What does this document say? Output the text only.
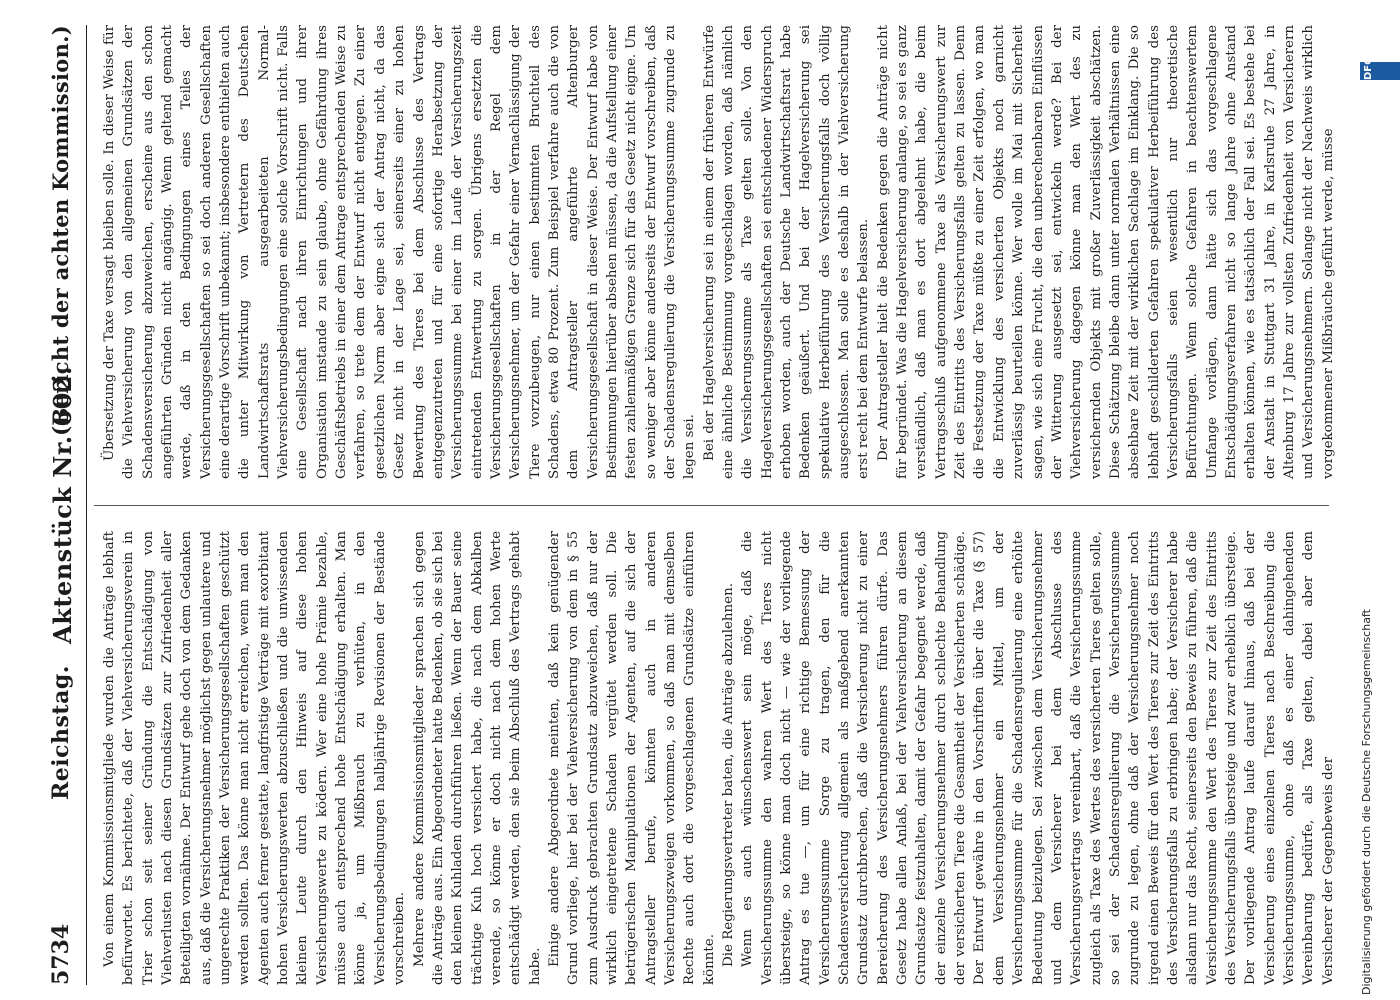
5734
Reichstag.
Aktenstück Nr. 602.
(Bericht der achten Kommission.)

Von einem Kommissionsmitgliede wurden die Anträge lebhaft befürwortet. Es berichtete, daß der Viehversicherungsverein in Trier schon seit seiner Gründung die Entschädigung von Viehverlusten nach diesen Grundsätzen zur Zufriedenheit aller Beteiligten vornähme. Der Entwurf gehe doch von dem Gedanken aus, daß die Versicherungsnehmer möglichst gegen unlautere und ungerechte Praktiken der Versicherungsgesellschaften geschützt werden sollten. Das könne man nicht erreichen, wenn man den Agenten auch ferner gestatte, langfristige Verträge mit exorbitant hohen Versicherungswerten abzuschließen und die unwissenden kleinen Leute durch den Hinweis auf diese hohen Versicherungswerte zu ködern. Wer eine hohe Prämie bezahle, müsse auch entsprechend hohe Entschädigung erhalten. Man könne ja, um Mißbrauch zu verhüten, in den Versicherungsbedingungen halbjährige Revisionen der Bestände vorschreiben. Mehrere andere Kommissionsmitglieder sprachen sich gegen die Anträge aus. Ein Abgeordneter hatte Bedenken, ob sie sich bei den kleinen Kuhladen durchführen ließen. Wenn der Bauer seine trächtige Kuh hoch versichert habe, die nach dem Abkalben verende, so könne er doch nicht nach dem hohen Werte entschädigt werden, den sie beim Abschluß des Vertrags gehabt habe. Einige andere Abgeordnete meinten, daß kein genügender Grund vorliege, hier bei der Viehversicherung von dem in § 55 zum Ausdruck gebrachten Grundsatz abzuweichen, daß nur der wirklich eingetretene Schaden vergütet werden soll. Die betrügerischen Manipulationen der Agenten, auf die sich der Antragsteller berufe, könnten auch in anderen Versicherungszweigen vorkommen, so daß man mit demselben Rechte auch dort die vorgeschlagenen Grundsätze einführen könnte. Die Regierungsvertreter baten, die Anträge abzulehnen. Wenn es auch wünschenswert sein möge, daß die Versicherungssumme den wahren Wert des Tieres nicht übersteige, so könne man doch nicht — wie der vorliegende Antrag es tue —, um für eine richtige Bemessung der Versicherungssumme Sorge zu tragen, den für die Schadensversicherung allgemein als maßgebend anerkannten Grundsatz durchbrechen, daß die Versicherung nicht zu einer Bereicherung des Versicherungsnehmers führen dürfe. Das Gesetz habe allen Anlaß, bei der Viehversicherung an diesem Grundsatze festzuhalten, damit der Gefahr begegnet werde, daß der einzelne Versicherungsnehmer durch schlechte Behandlung der versicherten Tiere die Gesamtheit der Versicherten schädige. Der Entwurf gewähre in den Vorschriften über die Taxe (§ 57) dem Versicherungsnehmer ein Mittel, um der Versicherungssumme für die Schadensregulierung eine erhöhte Bedeutung beizulegen. Sei zwischen dem Versicherungsnehmer und dem Versicherer bei dem Abschlusse des Versicherungsvertrags vereinbart, daß die Versicherungssumme zugleich als Taxe des Wertes des versicherten Tieres gelten solle, so sei der Schadensregulierung die Versicherungssumme zugrunde zu legen, ohne daß der Versicherungsnehmer noch irgend einen Beweis für den Wert des Tieres zur Zeit des Eintritts des Versicherungsfalls zu erbringen habe; der Versicherer habe alsdann nur das Recht, seinerseits den Beweis zu führen, daß die Versicherungssumme den Wert des Tieres zur Zeit des Eintritts des Versicherungsfalls übersteige und zwar erheblich übersteige. Der vorliegende Antrag laufe darauf hinaus, daß bei der Versicherung eines einzelnen Tieres nach Beschreibung die Versicherungssumme, ohne daß es einer dahingehenden Vereinbarung bedürfe, als Taxe gelten, dabei aber dem Versicherer der Gegenbeweis der

Übersetzung der Taxe versagt bleiben solle. In dieser Weise für die Viehversicherung von den allgemeinen Grundsätzen der Schadensversicherung abzuweichen, erscheine aus den schon angeführten Gründen nicht angängig. Wenn geltend gemacht werde, daß in den Bedingungen eines Teiles der Versicherungsgesellschaften so sei doch anderen Gesellschaften eine derartige Vorschrift unbekannt; insbesondere enthielten auch die unter Mitwirkung von Vertretern des Deutschen Landwirtschaftsrats ausgearbeiteten Normal-Viehversicherungsbedingungen eine solche Vorschrift nicht. Falls eine Gesellschaft nach ihren Einrichtungen und ihrer Organisation imstande zu sein glaube, ohne Gefährdung ihres Geschäftsbetriebs in einer dem Antrage entsprechenden Weise zu verfahren, so trete dem der Entwurf nicht entgegen. Zu einer gesetzlichen Norm aber eigne sich der Antrag nicht, da das Gesetz nicht in der Lage sei, seinerseits einer zu hohen Bewertung des Tieres bei dem Abschlusse des Vertrags entgegenzutreten und für eine sofortige Herabsetzung der Versicherungssumme bei einer im Laufe der Versicherungszeit eintretenden Entwertung zu sorgen. Übrigens ersetzten die Versicherungsgesellschaften in der Regel dem Versicherungsnehmer, um der Gefahr einer Vernachlässigung der Tiere vorzubeugen, nur einen bestimmten Bruchteil des Schadens, etwa 80 Prozent. Zum Beispiel verfahre auch die von dem Antragsteller angeführte Altenburger Versicherungsgesellschaft in dieser Weise. Der Entwurf habe von Bestimmungen hierüber absehen müssen, da die Aufstellung einer festen zahlenmäßigen Grenze sich für das Gesetz nicht eigne. Um so weniger aber könne anderseits der Entwurf vorschreiben, daß der Schadensregulierung die Versicherungssumme zugrunde zu legen sei. Bei der Hagelversicherung sei in einem der früheren Entwürfe eine ähnliche Bestimmung vorgeschlagen worden, daß nämlich die Versicherungssumme als Taxe gelten solle. Von den Hagelversicherungsgesellschaften sei entschiedener Widerspruch erhoben worden, auch der Deutsche Landwirtschaftsrat habe Bedenken geäußert. Und bei der Hagelversicherung sei spekulative Herbeiführung des Versicherungsfalls doch völlig ausgeschlossen. Man solle es deshalb in der Viehversicherung erst recht bei dem Entwurfe belassen. Der Antragsteller hielt die Bedenken gegen die Anträge nicht für begründet. Was die Hagelversicherung anlange, so sei es ganz verständlich, daß man es dort abgelehnt habe, die beim Vertragsschluß aufgenommene Taxe als Versicherungswert zur Zeit des Eintritts des Versicherungsfalls gelten zu lassen. Denn die Festsetzung der Taxe müßte zu einer Zeit erfolgen, wo man die Entwicklung des versicherten Objekts noch garnicht zuverlässig beurteilen könne. Wer wolle im Mai mit Sicherheit sagen, wie sich eine Frucht, die den unberechenbaren Einflüssen der Witterung ausgesetzt sei, entwickeln werde? Bei der Viehversicherung dagegen könne man den Wert des zu versichernden Objekts mit großer Zuverlässigkeit abschätzen. Diese Schätzung bleibe dann unter normalen Verhältnissen eine absehbare Zeit mit der wirklichen Sachlage im Einklang. Die so lebhaft geschilderten Gefahren spekulativer Herbeiführung des Versicherungsfalls seien wesentlich nur theoretische Befürchtungen. Wenn solche Gefahren in beachtenswertem Umfange vorlägen, dann hätte sich das vorgeschlagene Entschädigungsverfahren nicht so lange Jahre ohne Anstand erhalten können, wie es tatsächlich der Fall sei. Es bestehe bei der Anstalt in Stuttgart 31 Jahre, in Karlsruhe 27 Jahre, in Altenburg 17 Jahre zur vollsten Zufriedenheit von Versicherern und Versicherungsnehmern. Solange nicht der Nachweis wirklich vorgekommener Mißbräuche geführt werde, müsse

Digitalisierung gefördert durch die Deutsche Forschungsgemeinschaft
DFG
